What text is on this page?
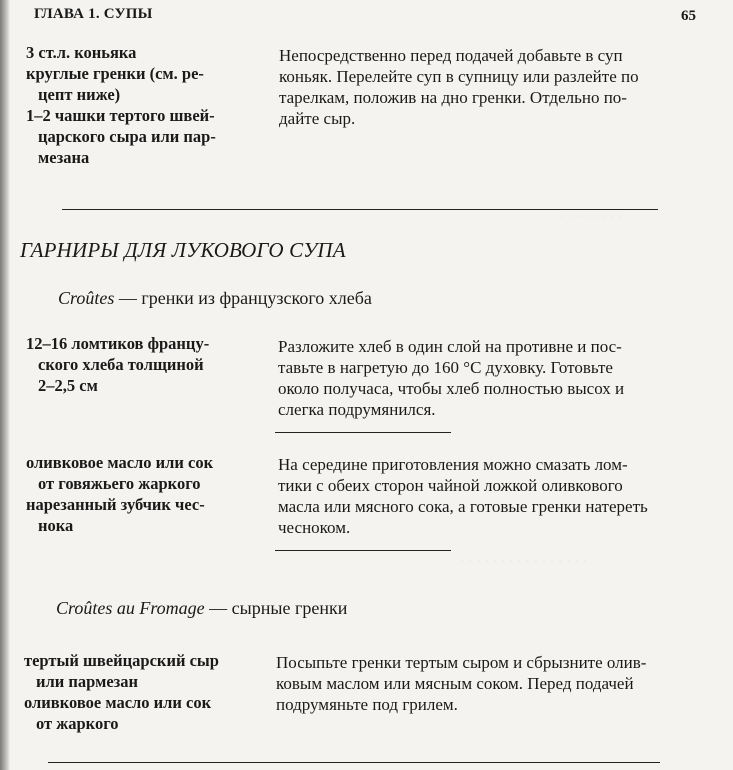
· · · · · · · ·
· · · · · · · · · · · · · · · ·
ГЛАВА 1. СУПЫ	65
3 ст.л. коньяка
круглые гренки (см. ре-
цепт ниже)
1–2 чашки тертого швей-
царского сыра или пар-
мезана
Непосредственно перед подачей добавьте в суп
коньяк. Перелейте суп в супницу или разлейте по
тарелкам, положив на дно гренки. Отдельно по-
дайте сыр.
ГАРНИРЫ ДЛЯ ЛУКОВОГО СУПА
Croûtes — гренки из французского хлеба
12–16 ломтиков францу-
ского хлеба толщиной
2–2,5 см
Разложите хлеб в один слой на противне и пос-
тавьте в нагретую до 160 °С духовку. Готовьте
около получаса, чтобы хлеб полностью высох и
слегка подрумянился.
оливковое масло или сок
от говяжьего жаркого
нарезанный зубчик чес-
нока
На середине приготовления можно смазать лом-
тики с обеих сторон чайной ложкой оливкового
масла или мясного сока, а готовые гренки натереть
чесноком.
Croûtes au Fromage — сырные гренки
тертый швейцарский сыр
или пармезан
оливковое масло или сок
от жаркого
Посыпьте гренки тертым сыром и сбрызните олив-
ковым маслом или мясным соком. Перед подачей
подрумяньте под грилем.
